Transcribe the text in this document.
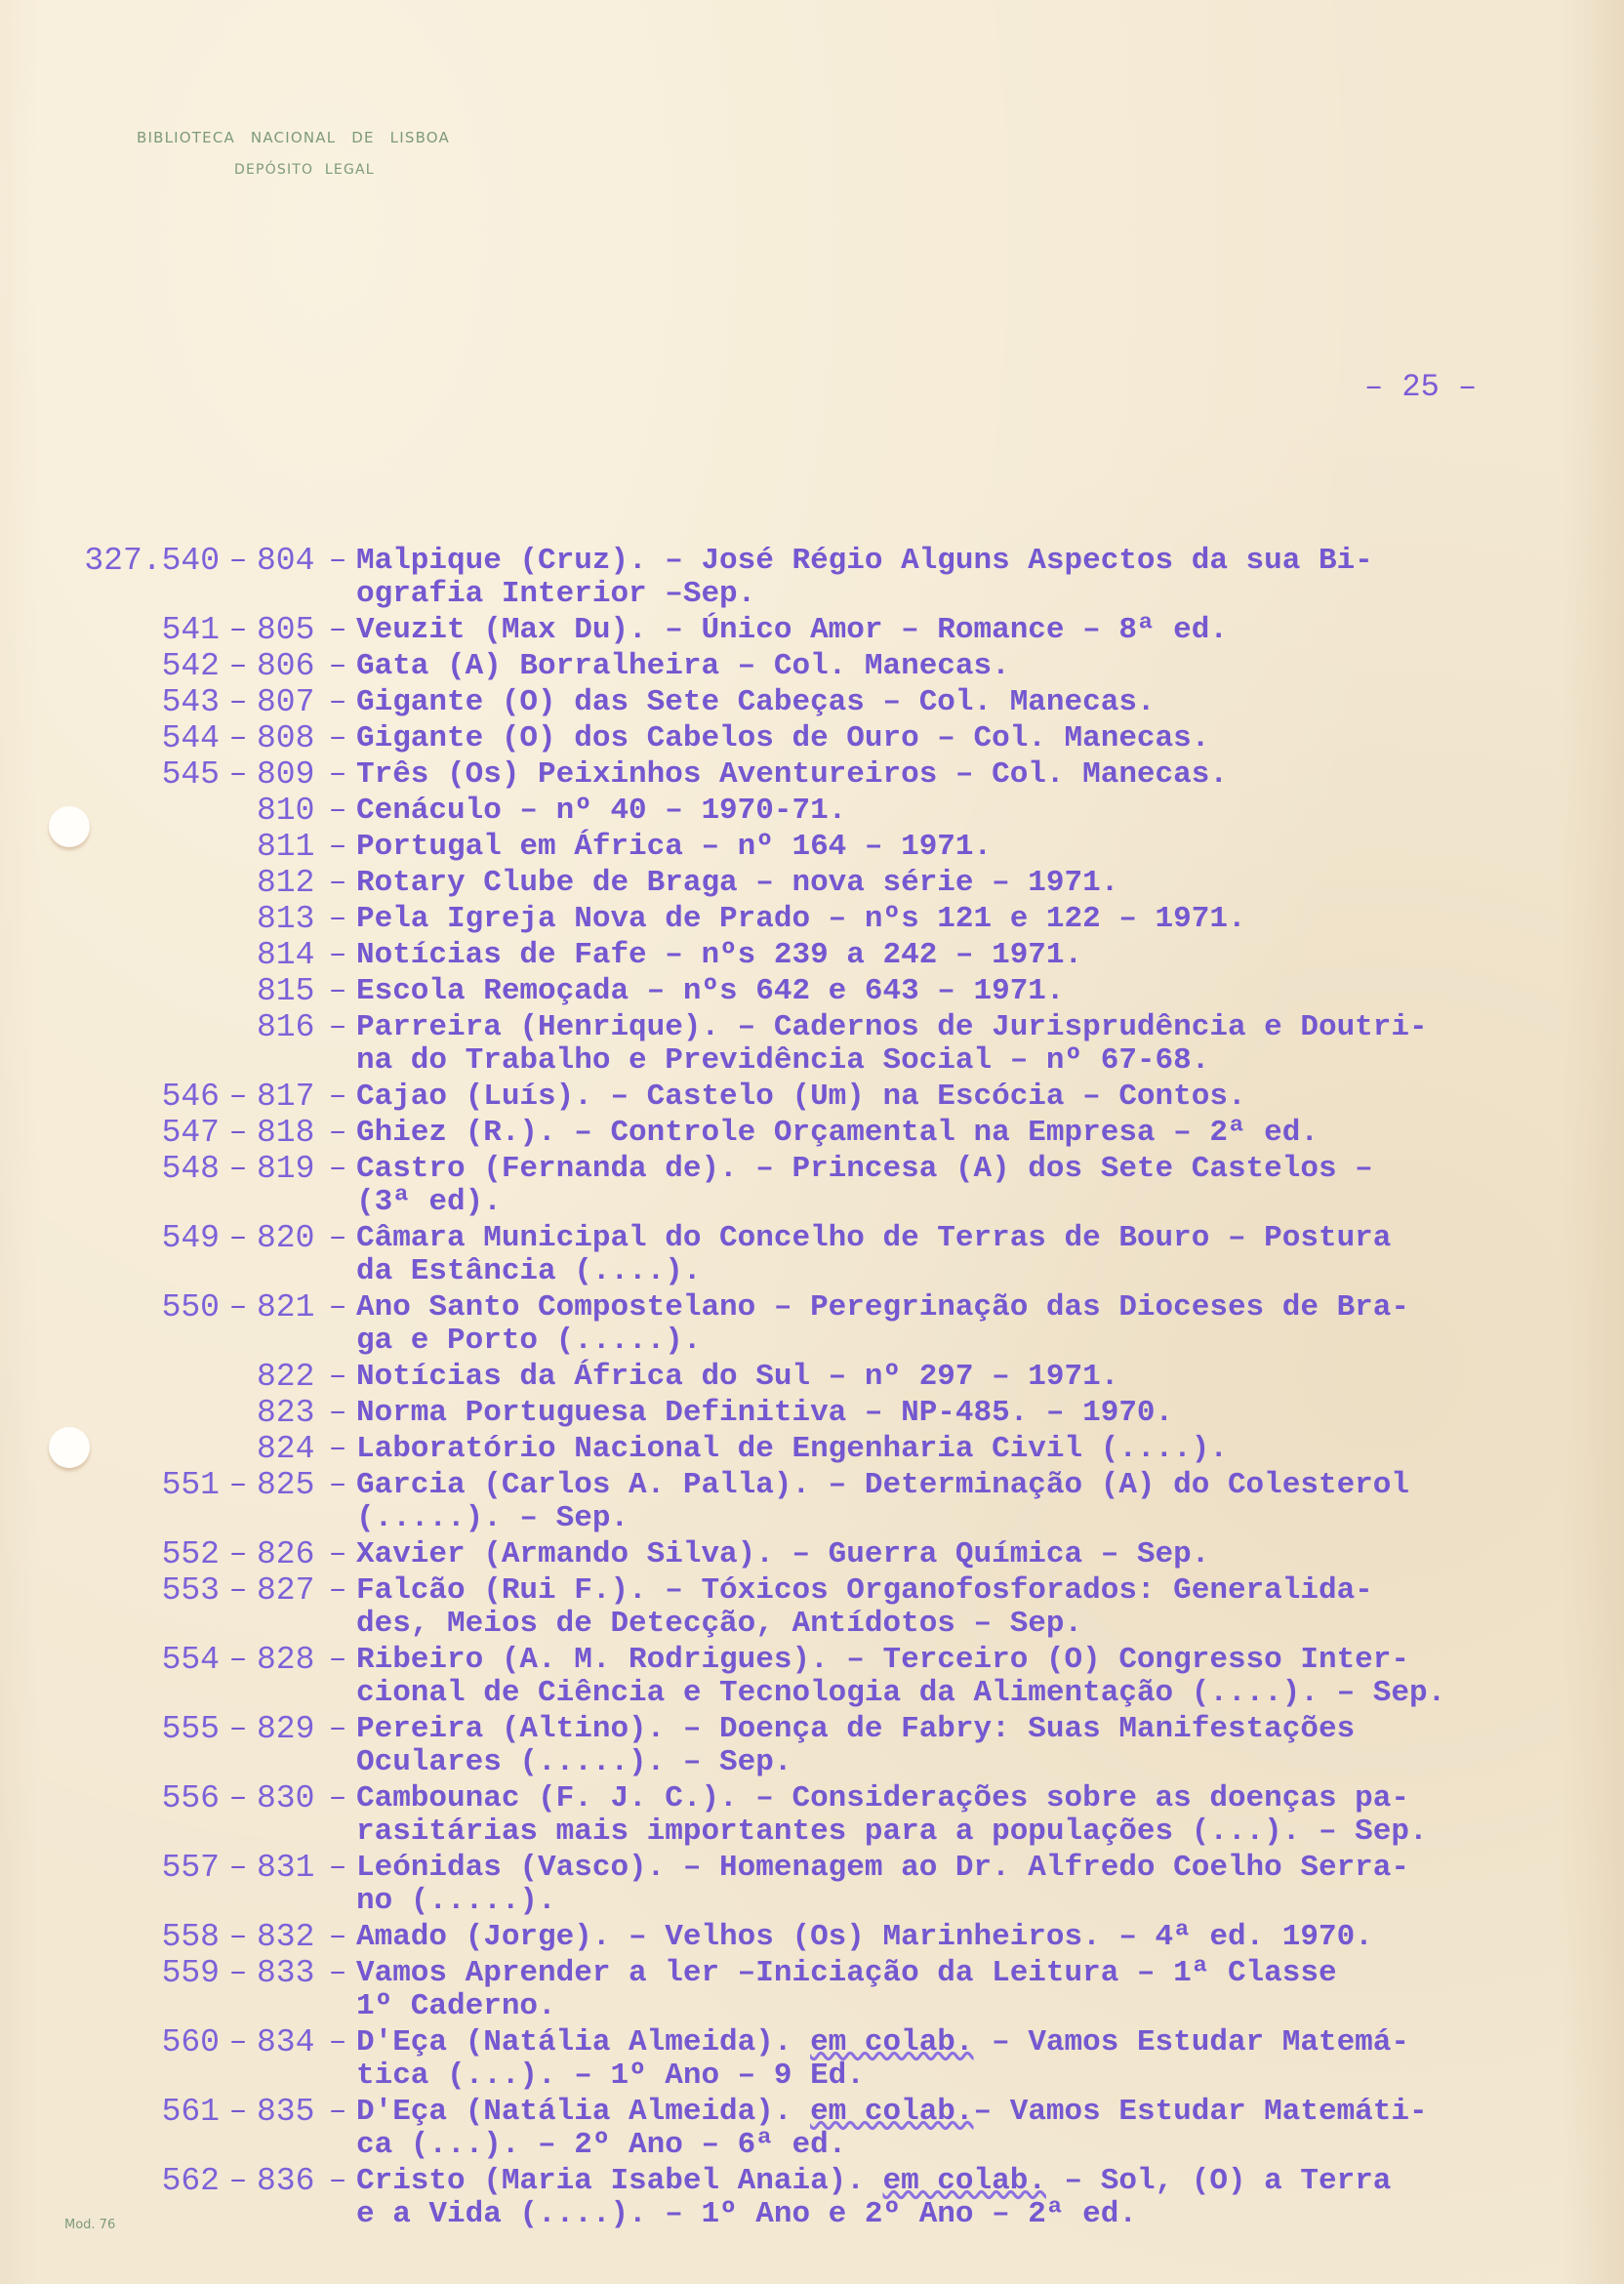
BIBLIOTECA NACIONAL DE LISBOA
DEPÓSITO LEGAL
– 25 –
327.540 – 804 – Malpique (Cruz). – José Régio Alguns Aspectos da sua Bi-
ografia Interior –Sep.
541 – 805 – Veuzit (Max Du). – Único Amor – Romance – 8ª ed.
542 – 806 – Gata (A) Borralheira – Col. Manecas.
543 – 807 – Gigante (O) das Sete Cabeças – Col. Manecas.
544 – 808 – Gigante (O) dos Cabelos de Ouro – Col. Manecas.
545 – 809 – Três (Os) Peixinhos Aventureiros – Col. Manecas.
810 – Cenáculo – nº 40 – 1970-71.
811 – Portugal em África – nº 164 – 1971.
812 – Rotary Clube de Braga – nova série – 1971.
813 – Pela Igreja Nova de Prado – nºs 121 e 122 – 1971.
814 – Notícias de Fafe – nºs 239 a 242 – 1971.
815 – Escola Remoçada – nºs 642 e 643 – 1971.
816 – Parreira (Henrique). – Cadernos de Jurisprudência e Doutri-
na do Trabalho e Previdência Social – nº 67-68.
546 – 817 – Cajao (Luís). – Castelo (Um) na Escócia – Contos.
547 – 818 – Ghiez (R.). – Controle Orçamental na Empresa – 2ª ed.
548 – 819 – Castro (Fernanda de). – Princesa (A) dos Sete Castelos –
(3ª ed).
549 – 820 – Câmara Municipal do Concelho de Terras de Bouro – Postura
da Estância (....).
550 – 821 – Ano Santo Compostelano – Peregrinação das Dioceses de Bra-
ga e Porto (.....).
822 – Notícias da África do Sul – nº 297 – 1971.
823 – Norma Portuguesa Definitiva – NP-485. – 1970.
824 – Laboratório Nacional de Engenharia Civil (....).
551 – 825 – Garcia (Carlos A. Palla). – Determinação (A) do Colesterol
(.....). – Sep.
552 – 826 – Xavier (Armando Silva). – Guerra Química – Sep.
553 – 827 – Falcão (Rui F.). – Tóxicos Organofosforados: Generalida-
des, Meios de Detecção, Antídotos – Sep.
554 – 828 – Ribeiro (A. M. Rodrigues). – Terceiro (O) Congresso Inter-
cional de Ciência e Tecnologia da Alimentação (....). – Sep.
555 – 829 – Pereira (Altino). – Doença de Fabry: Suas Manifestações
Oculares (.....). – Sep.
556 – 830 – Cambounac (F. J. C.). – Considerações sobre as doenças pa-
rasitárias mais importantes para a populações (...). – Sep.
557 – 831 – Leónidas (Vasco). – Homenagem ao Dr. Alfredo Coelho Serra-
no (.....).
558 – 832 – Amado (Jorge). – Velhos (Os) Marinheiros. – 4ª ed. 1970.
559 – 833 – Vamos Aprender a ler –Iniciação da Leitura – 1ª Classe
1º Caderno.
560 – 834 – D'Eça (Natália Almeida). em colab. – Vamos Estudar Matemá-
tica (...). – 1º Ano – 9 Ed.
561 – 835 – D'Eça (Natália Almeida). em colab.– Vamos Estudar Matemáti-
ca (...). – 2º Ano – 6ª ed.
562 – 836 – Cristo (Maria Isabel Anaia). em colab. – Sol, (O) a Terra
e a Vida (....). – 1º Ano e 2º Ano – 2ª ed.
Mod. 76
